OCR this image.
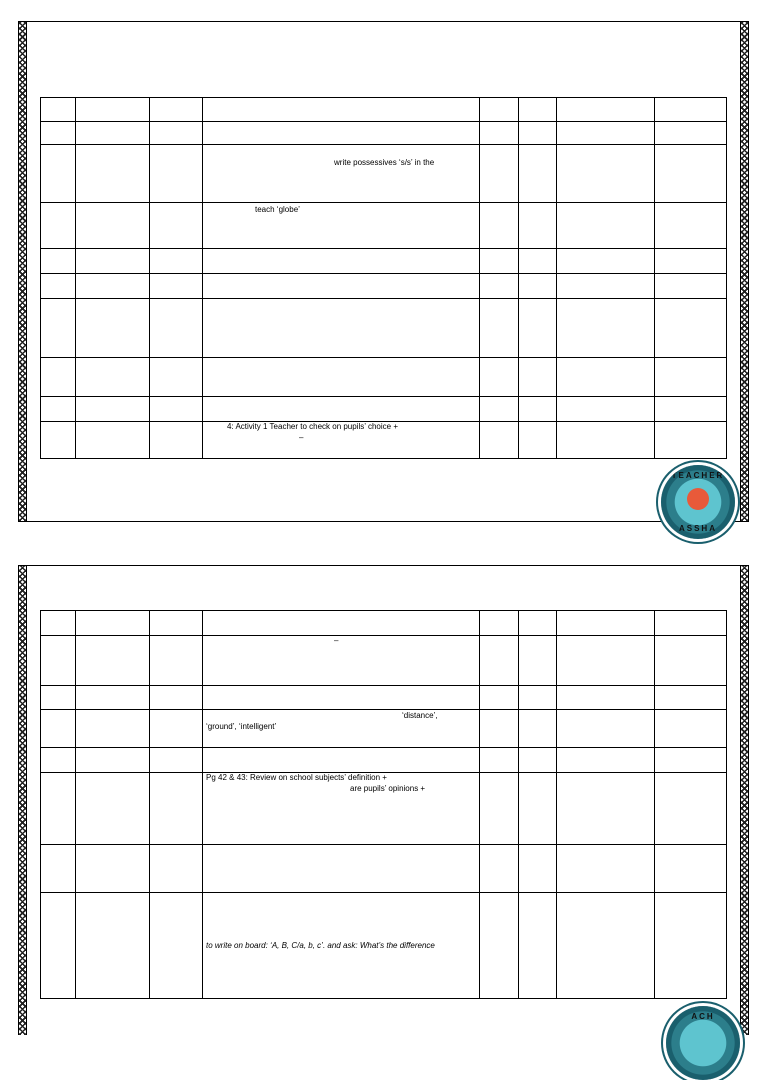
			write possessives ‘s/s’ in the				

			teach ‘globe’				

			4: Activity 1 Teacher to check on pupils’ choice +
–				

TEACHER
ASSHA

			–				

			‘distance’,
‘ground’, ‘intelligent’				

			Pg 42 & 43: Review on school subjects’ definition +
are pupils’ opinions +				

			to write on board: ‘A, B, C/a, b, c’. and ask: What’s the difference				

ACH
